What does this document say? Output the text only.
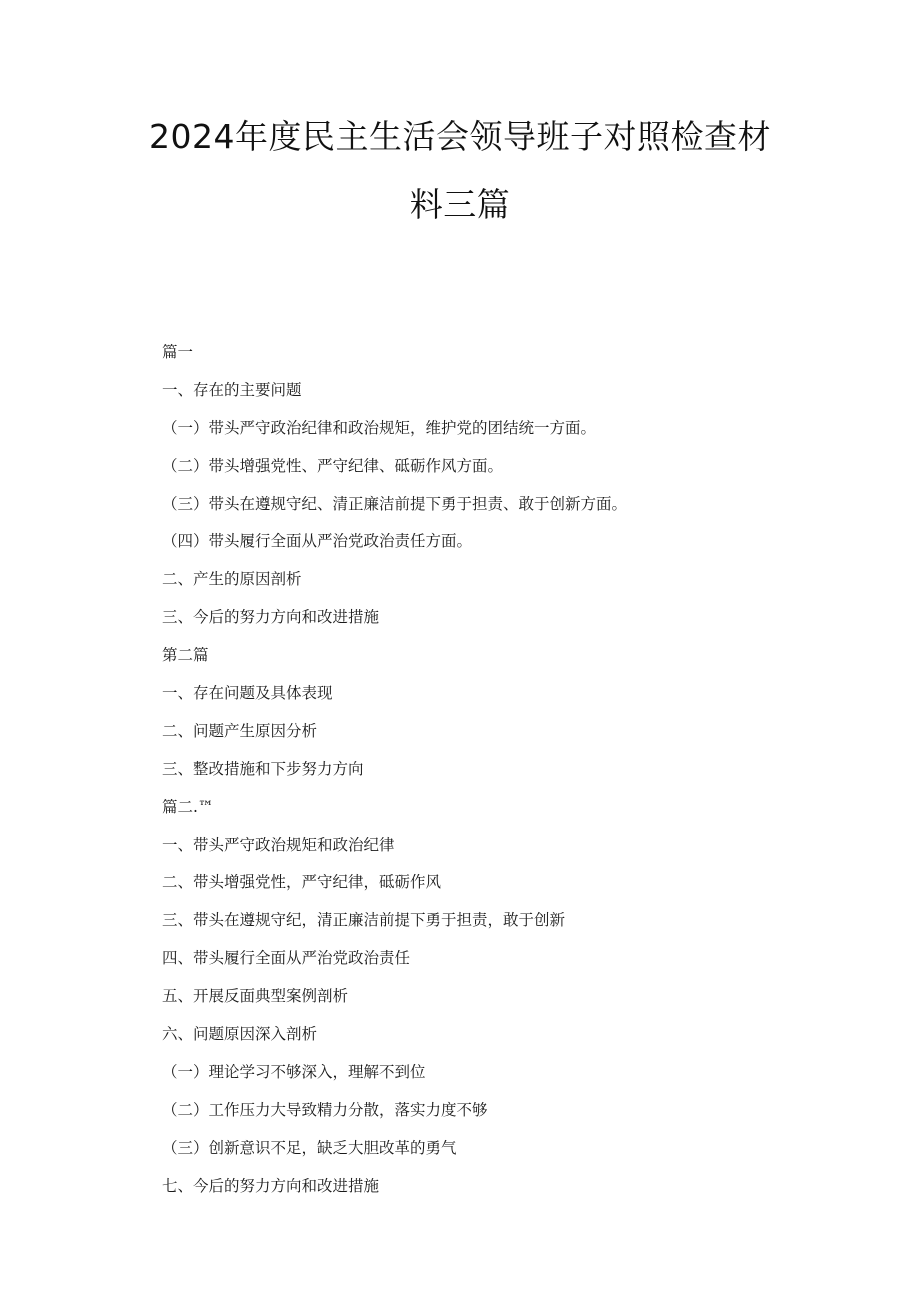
2024年度民主生活会领导班子对照检查材
料三篇
篇一
一、存在的主要问题
（一）带头严守政治纪律和政治规矩，维护党的团结统一方面。
（二）带头增强党性、严守纪律、砥砺作风方面。
（三）带头在遵规守纪、清正廉洁前提下勇于担责、敢于创新方面。
（四）带头履行全面从严治党政治责任方面。
二、产生的原因剖析
三、今后的努力方向和改进措施
第二篇
一、存在问题及具体表现
二、问题产生原因分析
三、整改措施和下步努力方向
篇二.™
一、带头严守政治规矩和政治纪律
二、带头增强党性，严守纪律，砥砺作风
三、带头在遵规守纪，清正廉洁前提下勇于担责，敢于创新
四、带头履行全面从严治党政治责任
五、开展反面典型案例剖析
六、问题原因深入剖析
（一）理论学习不够深入，理解不到位
（二）工作压力大导致精力分散，落实力度不够
（三）创新意识不足，缺乏大胆改革的勇气
七、今后的努力方向和改进措施
